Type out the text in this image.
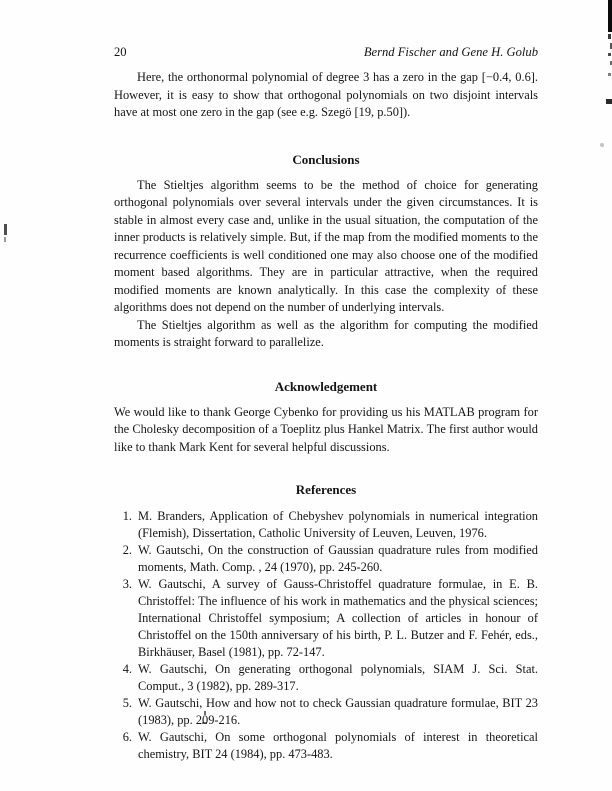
20	Bernd Fischer and Gene H. Golub

Here, the orthonormal polynomial of degree 3 has a zero in the gap [−0.4, 0.6]. However, it is easy to show that orthogonal polynomials on two disjoint intervals have at most one zero in the gap (see e.g. Szegö [19, p.50]).

Conclusions

The Stieltjes algorithm seems to be the method of choice for generating orthogonal polynomials over several intervals under the given circumstances. It is stable in almost every case and, unlike in the usual situation, the computation of the inner products is relatively simple. But, if the map from the modified moments to the recurrence coefficients is well conditioned one may also choose one of the modified moment based algorithms. They are in particular attractive, when the required modified moments are known analytically. In this case the complexity of these algorithms does not depend on the number of underlying intervals.

The Stieltjes algorithm as well as the algorithm for computing the modified moments is straight forward to parallelize.

Acknowledgement

We would like to thank George Cybenko for providing us his MATLAB program for the Cholesky decomposition of a Toeplitz plus Hankel Matrix. The first author would like to thank Mark Kent for several helpful discussions.

References
1. M. Branders, Application of Chebyshev polynomials in numerical integration (Flemish), Dissertation, Catholic University of Leuven, Leuven, 1976.
2. W. Gautschi, On the construction of Gaussian quadrature rules from modified moments, Math. Comp. , 24 (1970), pp. 245-260.
3. W. Gautschi, A survey of Gauss-Christoffel quadrature formulae, in E. B. Christoffel: The influence of his work in mathematics and the physical sciences; International Christoffel symposium; A collection of articles in honour of Christoffel on the 150th anniversary of his birth, P. L. Butzer and F. Fehér, eds., Birkhäuser, Basel (1981), pp. 72-147.
4. W. Gautschi, On generating orthogonal polynomials, SIAM J. Sci. Stat. Comput., 3 (1982), pp. 289-317.
5. W. Gautschi, How and how not to check Gaussian quadrature formulae, BIT 23 (1983), pp. 209-216.
6. W. Gautschi, On some orthogonal polynomials of interest in theoretical chemistry, BIT 24 (1984), pp. 473-483.
